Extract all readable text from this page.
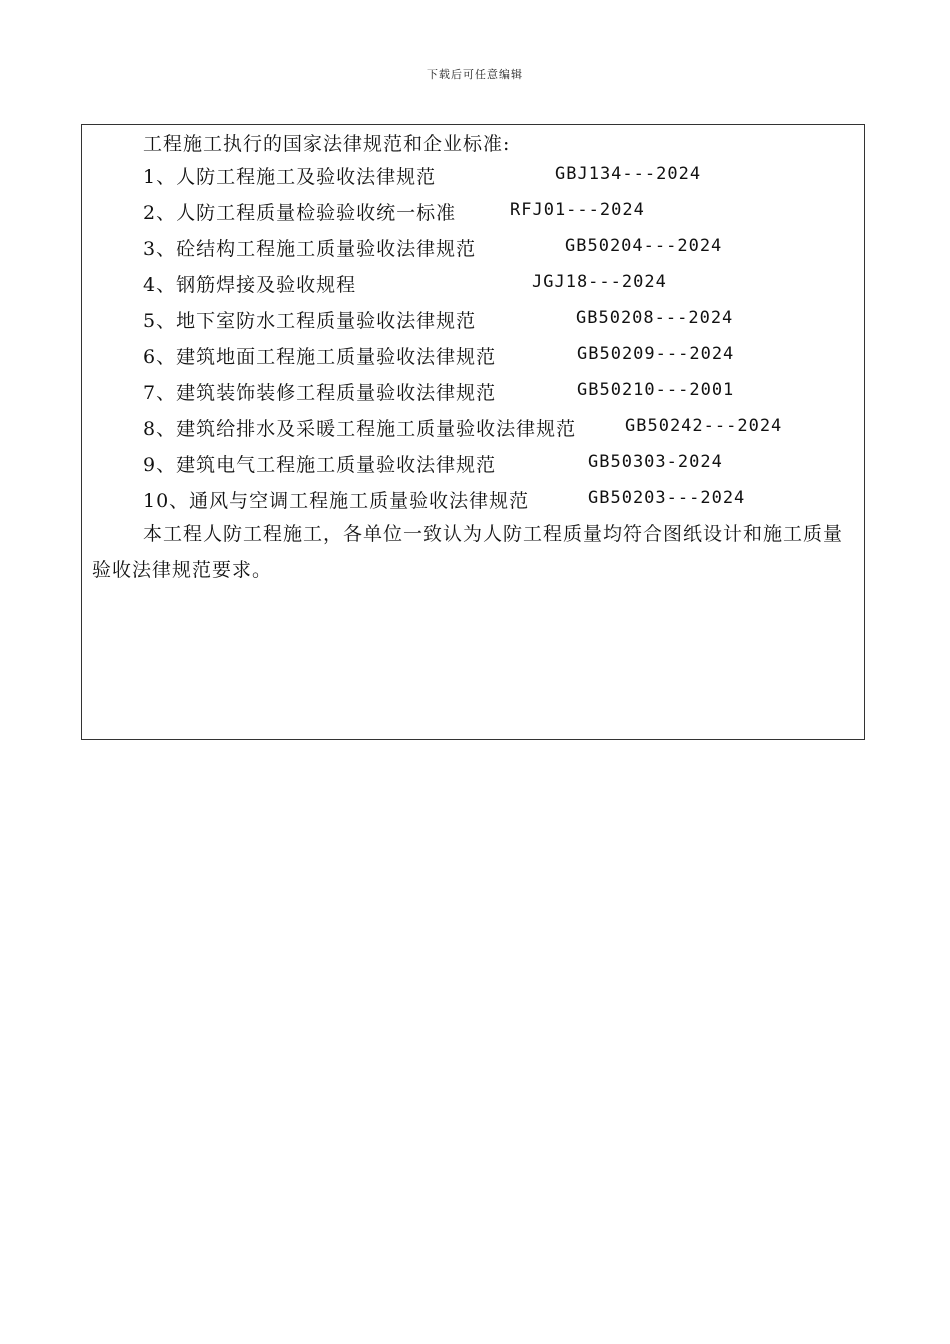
下载后可任意编辑
工程施工执行的国家法律规范和企业标准:
1、人防工程施工及验收法律规范	GBJ134---2024
2、人防工程质量检验验收统一标准	RFJ01---2024
3、砼结构工程施工质量验收法律规范	GB50204---2024
4、钢筋焊接及验收规程	JGJ18---2024
5、地下室防水工程质量验收法律规范	GB50208---2024
6、建筑地面工程施工质量验收法律规范	GB50209---2024
7、建筑装饰装修工程质量验收法律规范	GB50210---2001
8、建筑给排水及采暖工程施工质量验收法律规范	GB50242---2024
9、建筑电气工程施工质量验收法律规范	GB50303-2024
10、通风与空调工程施工质量验收法律规范	GB50203---2024
本工程人防工程施工，各单位一致认为人防工程质量均符合图纸设计和施工质量验收法律规范要求。
